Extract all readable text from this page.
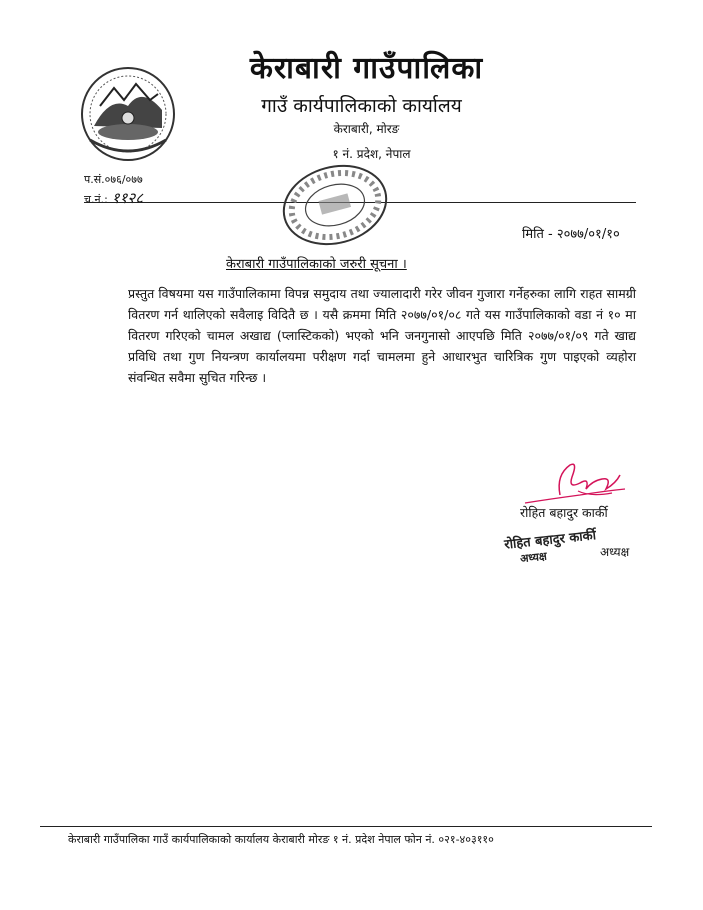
केराबारी गाउँपालिका
गाउँ कार्यपालिकाको कार्यालय
केराबारी, मोरङ
१ नं. प्रदेश, नेपाल
प.सं.०७६/०७७
च.नं.: ११२८
मिति - २०७७/०१/१०
केराबारी गाउँपालिकाको जरुरी सूचना ।
प्रस्तुत विषयमा यस गाउँपालिकामा विपन्न समुदाय तथा ज्यालादारी गरेर जीवन गुजारा गर्नेहरुका लागि राहत सामग्री वितरण गर्न थालिएको सवैलाइ विदितै छ । यसै क्रममा मिति २०७७/०१/०८ गते यस गाउँपालिकाको वडा नं १० मा वितरण गरिएको चामल अखाद्य (प्लास्टिकको) भएको भनि जनगुनासो आएपछि मिति २०७७/०१/०९ गते खाद्य प्रविधि तथा गुण नियन्त्रण कार्यालयमा परीक्षण गर्दा चामलमा हुने आधारभुत चारित्रिक गुण पाइएको व्यहोरा संवन्धित सवैमा सुचित गरिन्छ ।
रोहित बहादुर कार्की
रोहित बहादुर कार्की
अध्यक्ष	अध्यक्ष
केराबारी गाउँपालिका गाउँ कार्यपालिकाको कार्यालय केराबारी मोरङ १ नं. प्रदेश नेपाल फोन नं. ०२१-४०३११०
